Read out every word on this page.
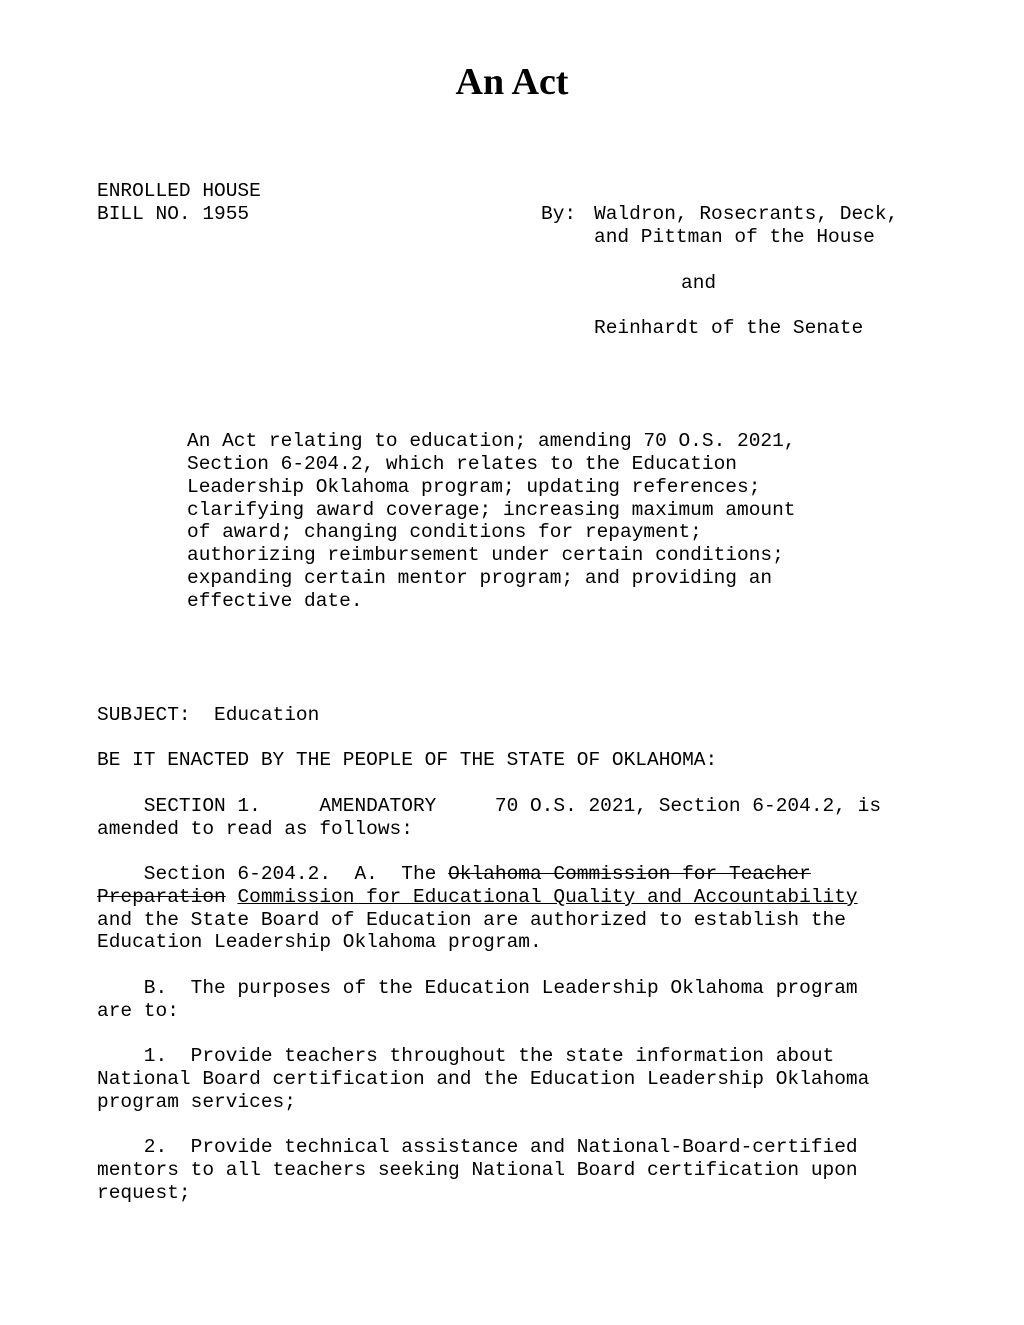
An Act
ENROLLED HOUSE
BILL NO. 1955	By: Waldron, Rosecrants, Deck,
and Pittman of the House
and
Reinhardt of the Senate
An Act relating to education; amending 70 O.S. 2021,
Section 6-204.2, which relates to the Education
Leadership Oklahoma program; updating references;
clarifying award coverage; increasing maximum amount
of award; changing conditions for repayment;
authorizing reimbursement under certain conditions;
expanding certain mentor program; and providing an
effective date.
SUBJECT:  Education
BE IT ENACTED BY THE PEOPLE OF THE STATE OF OKLAHOMA:
SECTION 1.     AMENDATORY     70 O.S. 2021, Section 6-204.2, is
amended to read as follows:
Section 6-204.2.  A.  The Oklahoma Commission for Teacher
Preparation Commission for Educational Quality and Accountability
and the State Board of Education are authorized to establish the
Education Leadership Oklahoma program.
B.  The purposes of the Education Leadership Oklahoma program
are to:
1.  Provide teachers throughout the state information about
National Board certification and the Education Leadership Oklahoma
program services;
2.  Provide technical assistance and National-Board-certified
mentors to all teachers seeking National Board certification upon
request;
